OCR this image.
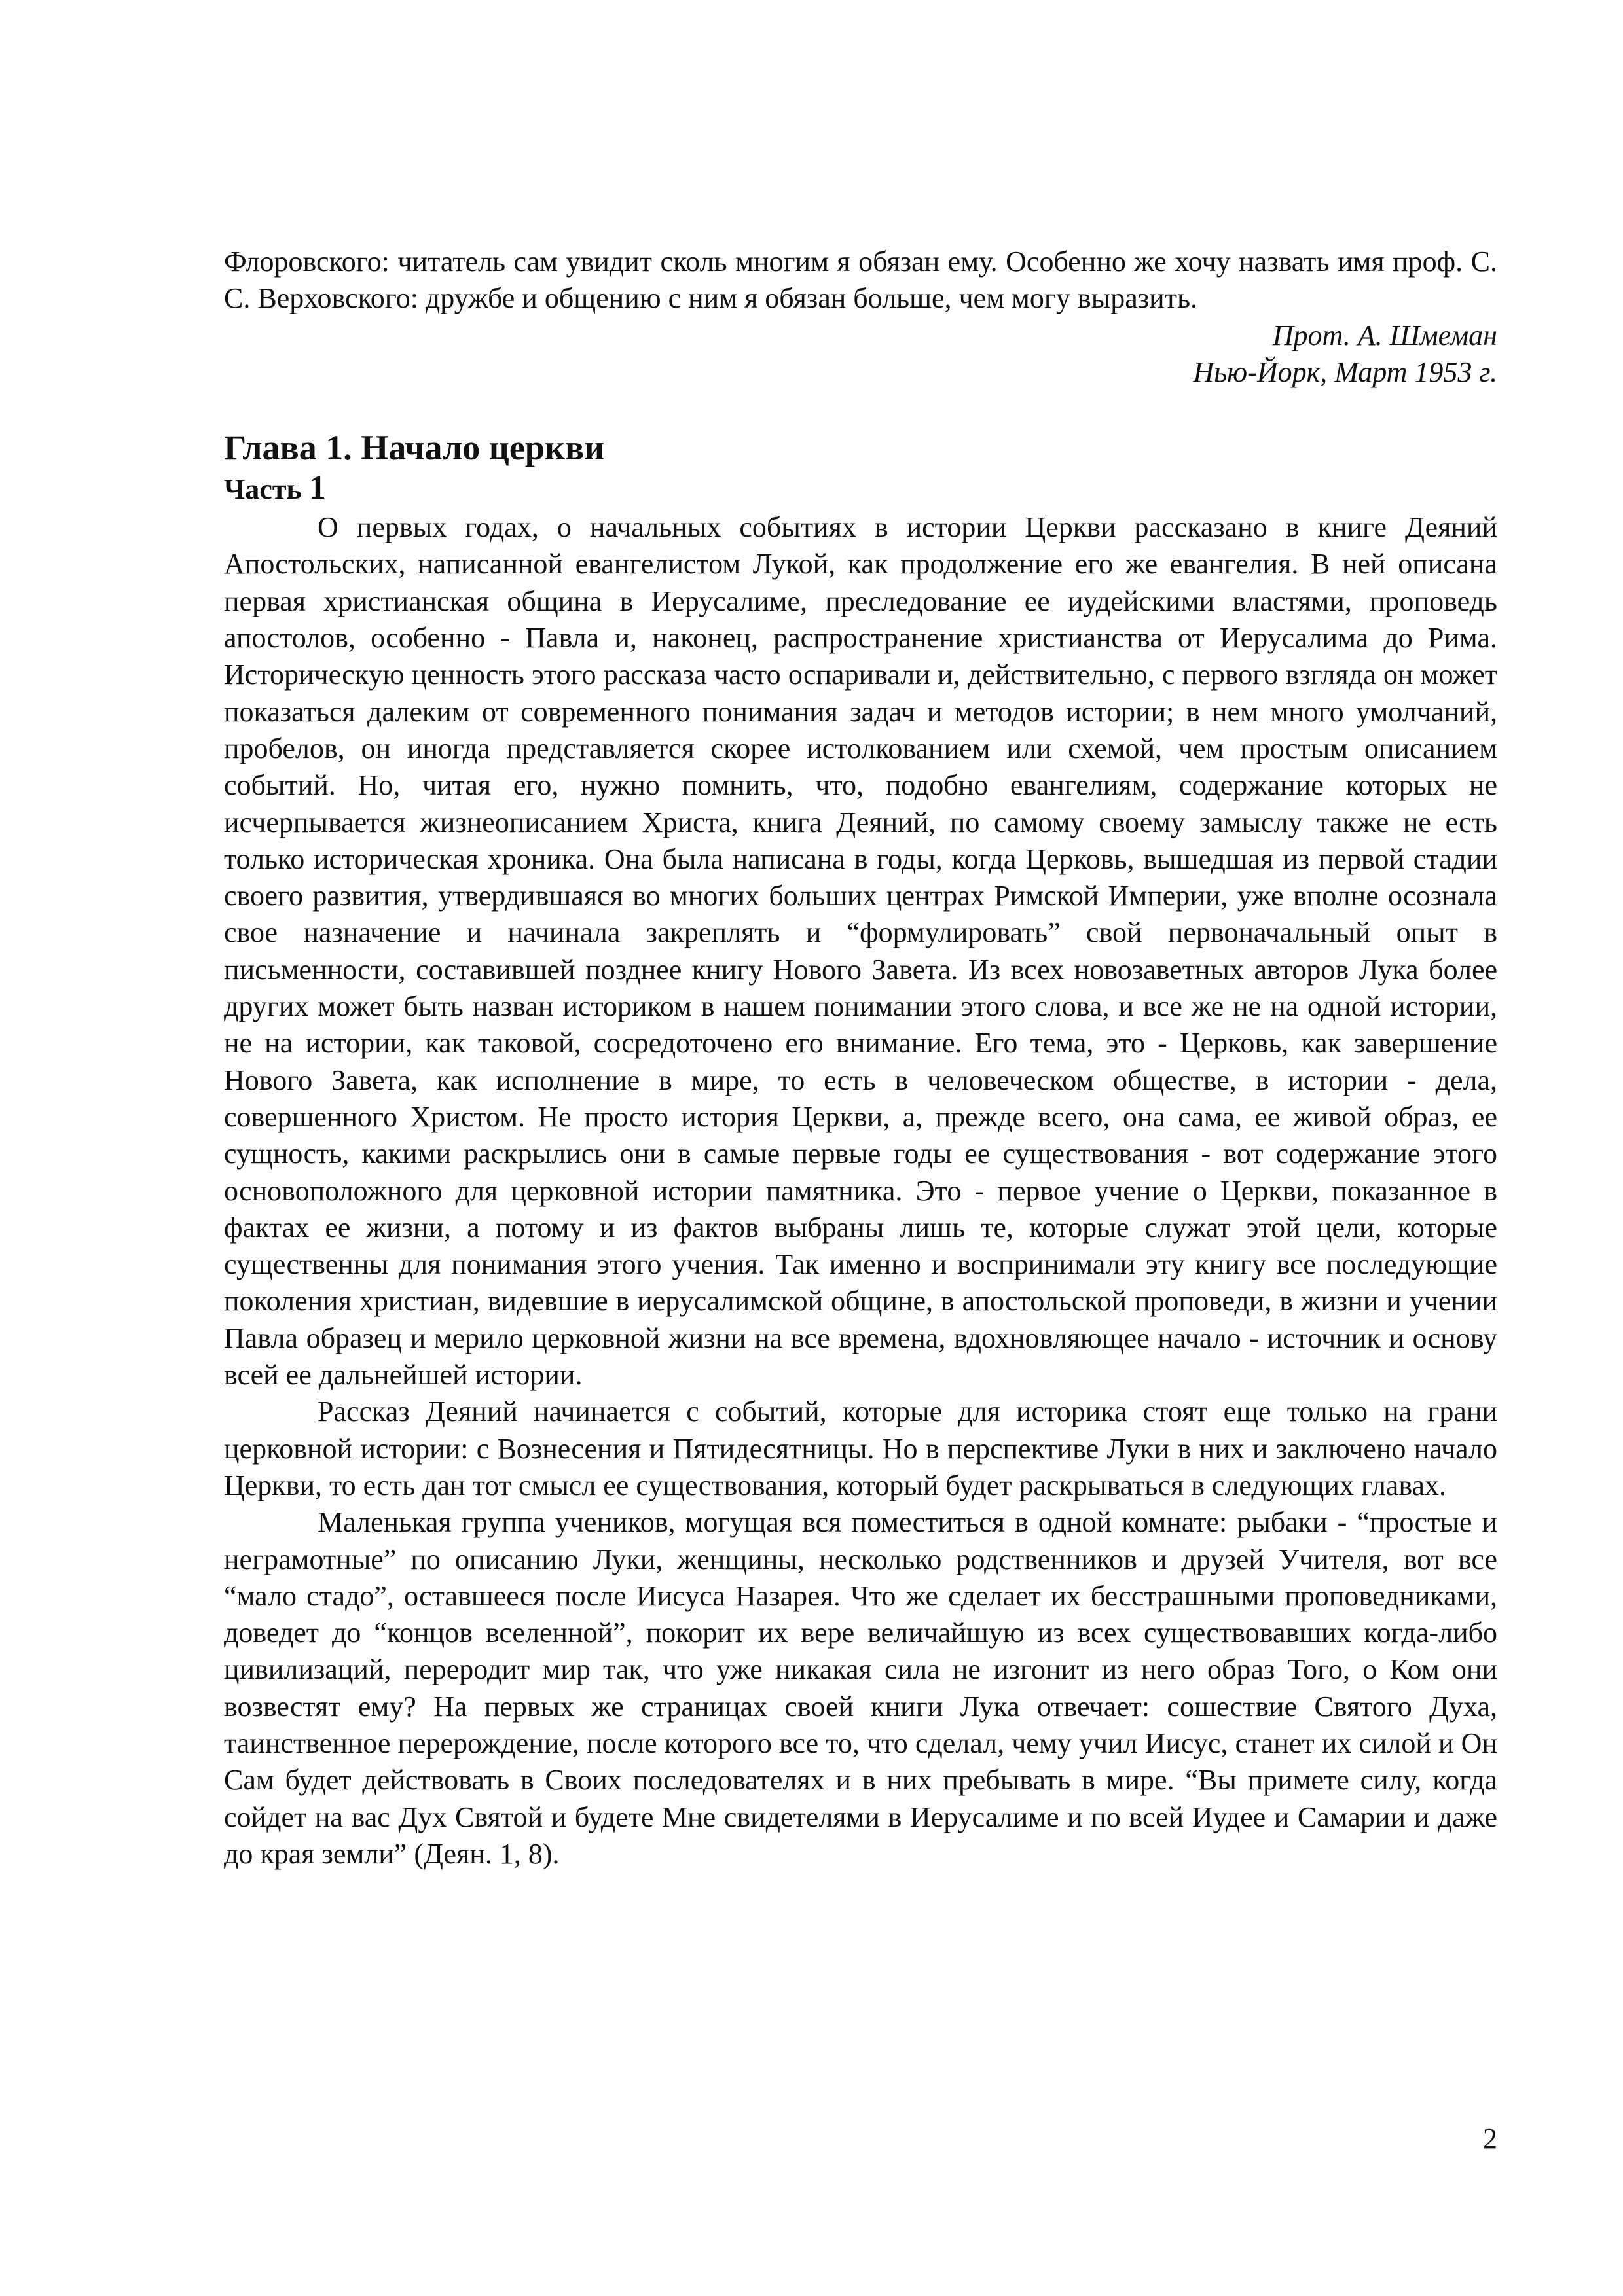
Флоровского: читатель сам увидит сколь многим я обязан ему. Особенно же хочу назвать имя проф. С. С. Верховского: дружбе и общению с ним я обязан больше, чем могу выразить.

Прот. А. Шмеман

Нью-Йорк, Март 1953 г.

Глава 1. Начало церкви
Часть 1

О первых годах, о начальных событиях в истории Церкви рассказано в книге Деяний Апостольских, написанной евангелистом Лукой, как продолжение его же евангелия. В ней описана первая христианская община в Иерусалиме, преследование ее иудейскими властями, проповедь апостолов, особенно - Павла и, наконец, распространение христианства от Иерусалима до Рима. Историческую ценность этого рассказа часто оспаривали и, действительно, с первого взгляда он может показаться далеким от современного понимания задач и методов истории; в нем много умолчаний, пробелов, он иногда представляется скорее истолкованием или схемой, чем простым описанием событий. Но, читая его, нужно помнить, что, подобно евангелиям, содержание которых не исчерпывается жизнеописанием Христа, книга Деяний, по самому своему замыслу также не есть только историческая хроника. Она была написана в годы, когда Церковь, вышедшая из первой стадии своего развития, утвердившаяся во многих больших центрах Римской Империи, уже вполне осознала свое назначение и начинала закреплять и “формулировать” свой первоначальный опыт в письменности, составившей позднее книгу Нового Завета. Из всех новозаветных авторов Лука более других может быть назван историком в нашем понимании этого слова, и все же не на одной истории, не на истории, как таковой, сосредоточено его внимание. Его тема, это - Церковь, как завершение Нового Завета, как исполнение в мире, то есть в человеческом обществе, в истории - дела, совершенного Христом. Не просто история Церкви, а, прежде всего, она сама, ее живой образ, ее сущность, какими раскрылись они в самые первые годы ее существования - вот содержание этого основоположного для церковной истории памятника. Это - первое учение о Церкви, показанное в фактах ее жизни, а потому и из фактов выбраны лишь те, которые служат этой цели, которые существенны для понимания этого учения. Так именно и воспринимали эту книгу все последующие поколения христиан, видевшие в иерусалимской общине, в апостольской проповеди, в жизни и учении Павла образец и мерило церковной жизни на все времена, вдохновляющее начало - источник и основу всей ее дальнейшей истории.

Рассказ Деяний начинается с событий, которые для историка стоят еще только на грани церковной истории: с Вознесения и Пятидесятницы. Но в перспективе Луки в них и заключено начало Церкви, то есть дан тот смысл ее существования, который будет раскрываться в следующих главах.

Маленькая группа учеников, могущая вся поместиться в одной комнате: рыбаки - “простые и неграмотные” по описанию Луки, женщины, несколько родственников и друзей Учителя, вот все “мало стадо”, оставшееся после Иисуса Назарея. Что же сделает их бесстрашными проповедниками, доведет до “концов вселенной”, покорит их вере величайшую из всех существовавших когда-либо цивилизаций, переродит мир так, что уже никакая сила не изгонит из него образ Того, о Ком они возвестят ему? На первых же страницах своей книги Лука отвечает: сошествие Святого Духа, таинственное перерождение, после которого все то, что сделал, чему учил Иисус, станет их силой и Он Сам будет действовать в Своих последователях и в них пребывать в мире. “Вы примете силу, когда сойдет на вас Дух Святой и будете Мне свидетелями в Иерусалиме и по всей Иудее и Самарии и даже до края земли” (Деян. 1, 8).

2
